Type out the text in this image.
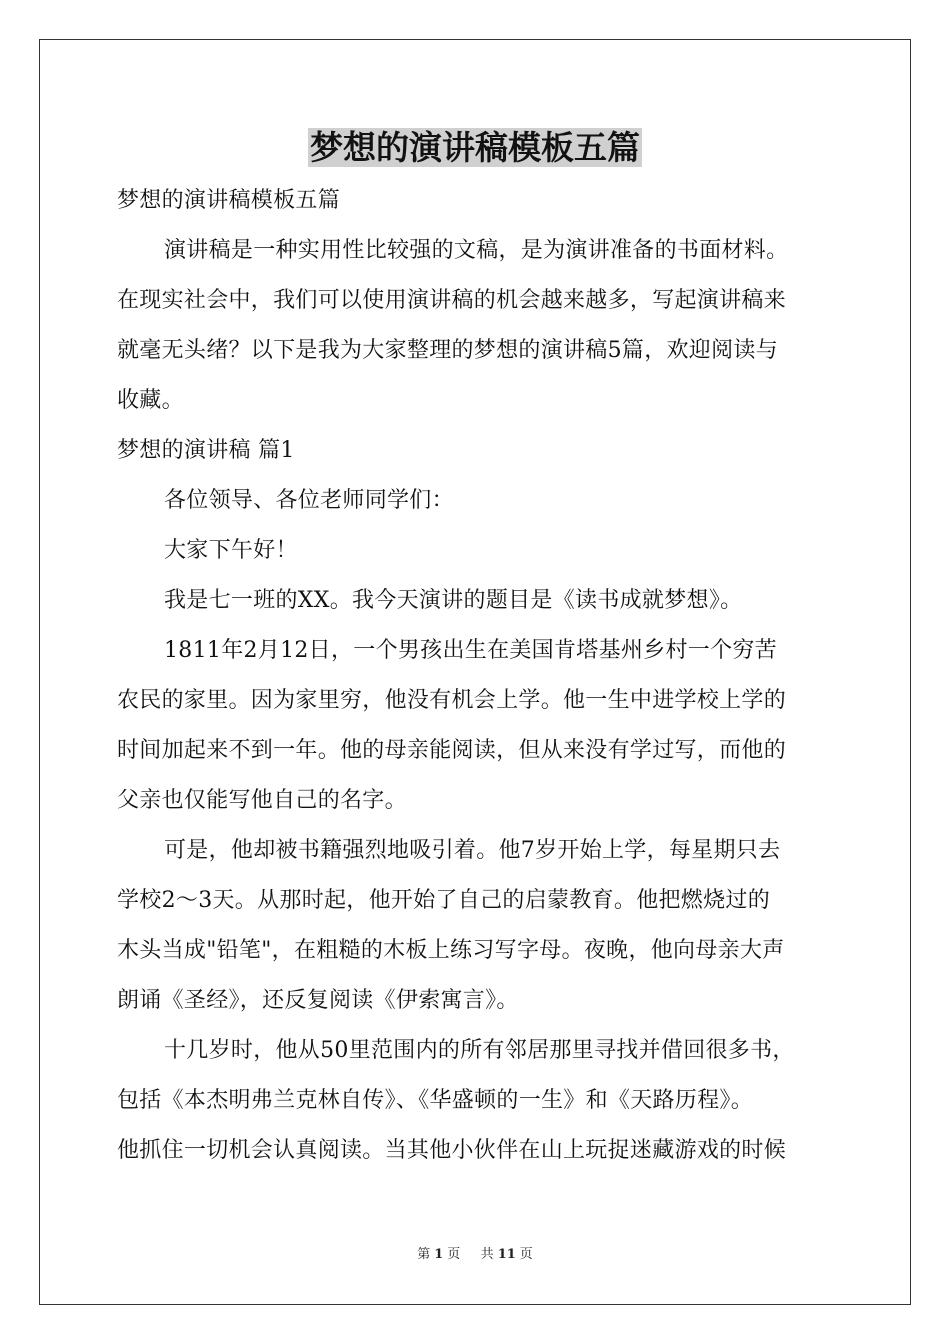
梦想的演讲稿模板五篇

梦想的演讲稿模板五篇

演讲稿是一种实用性比较强的文稿，是为演讲准备的书面材料。

在现实社会中，我们可以使用演讲稿的机会越来越多，写起演讲稿来

就毫无头绪？以下是我为大家整理的梦想的演讲稿5篇，欢迎阅读与

收藏。

梦想的演讲稿 篇1

各位领导、各位老师同学们：

大家下午好！

我是七一班的XX。我今天演讲的题目是《读书成就梦想》。

1811年2月12日，一个男孩出生在美国肯塔基州乡村一个穷苦

农民的家里。因为家里穷，他没有机会上学。他一生中进学校上学的

时间加起来不到一年。他的母亲能阅读，但从来没有学过写，而他的

父亲也仅能写他自己的名字。

可是，他却被书籍强烈地吸引着。他7岁开始上学，每星期只去

学校2～3天。从那时起，他开始了自己的启蒙教育。他把燃烧过的

木头当成"铅笔"，在粗糙的木板上练习写字母。夜晚，他向母亲大声

朗诵《圣经》，还反复阅读《伊索寓言》。

十几岁时，他从50里范围内的所有邻居那里寻找并借回很多书，

包括《本杰明弗兰克林自传》、《华盛顿的一生》和《天路历程》。

他抓住一切机会认真阅读。当其他小伙伴在山上玩捉迷藏游戏的时候

第 1 页 共 11 页
